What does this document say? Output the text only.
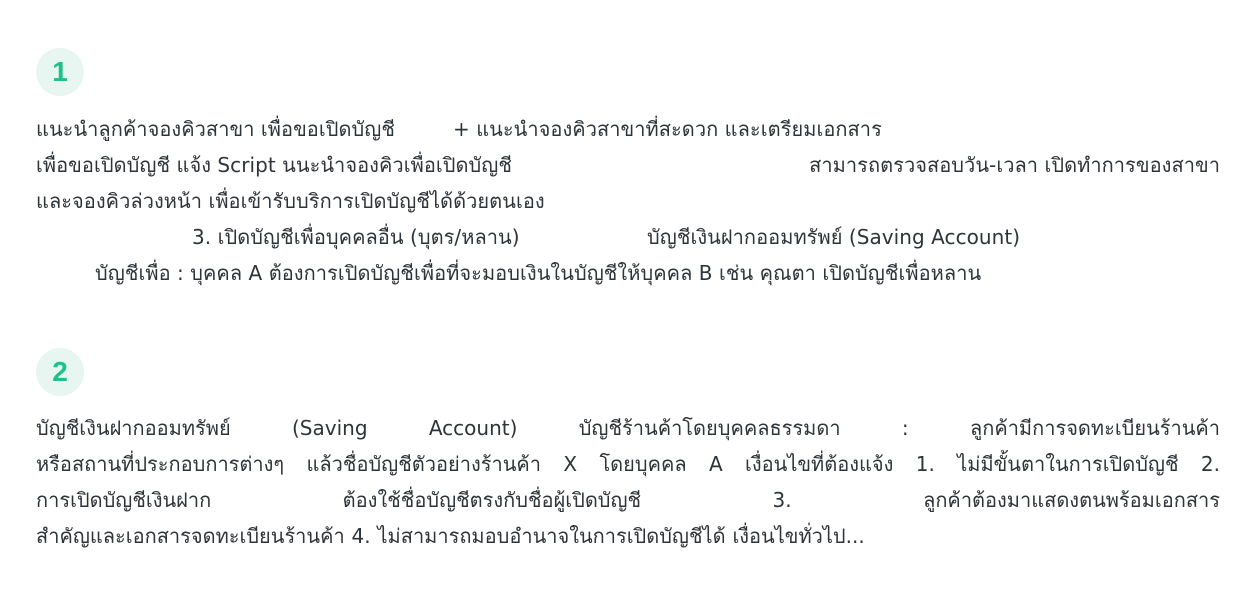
1
แนะนำลูกค้าจองคิวสาขา เพื่อขอเปิดบัญชี	+ แนะนำจองคิวสาขาที่สะดวก และเตรียมเอกสาร
เพื่อขอเปิดบัญชี แจ้ง Script นนะนำจองคิวเพื่อเปิดบัญชี	สามารถตรวจสอบวัน-เวลา เปิดทำการของสาขา
และจองคิวล่วงหน้า เพื่อเข้ารับบริการเปิดบัญชีได้ด้วยตนเอง
3. เปิดบัญชีเพื่อบุคคลอื่น (บุตร/หลาน)	บัญชีเงินฝากออมทรัพย์ (Saving Account)
บัญชีเพื่อ : บุคคล A ต้องการเปิดบัญชีเพื่อที่จะมอบเงินในบัญชีให้บุคคล B เช่น คุณตา เปิดบัญชีเพื่อหลาน
2
บัญชีเงินฝากออมทรัพย์ (Saving Account) บัญชีร้านค้าโดยบุคคลธรรมดา : ลูกค้ามีการจดทะเบียนร้านค้า
หรือสถานที่ประกอบการต่างๆ แล้วชื่อบัญชีตัวอย่างร้านค้า X โดยบุคคล A เงื่อนไขที่ต้องแจ้ง 1. ไม่มีขั้นตาในการเปิดบัญชี 2.
การเปิดบัญชีเงินฝาก ต้องใช้ชื่อบัญชีตรงกับชื่อผู้เปิดบัญชี 3. ลูกค้าต้องมาแสดงตนพร้อมเอกสาร
สำคัญและเอกสารจดทะเบียนร้านค้า 4. ไม่สามารถมอบอำนาจในการเปิดบัญชีได้ เงื่อนไขทั่วไป...
